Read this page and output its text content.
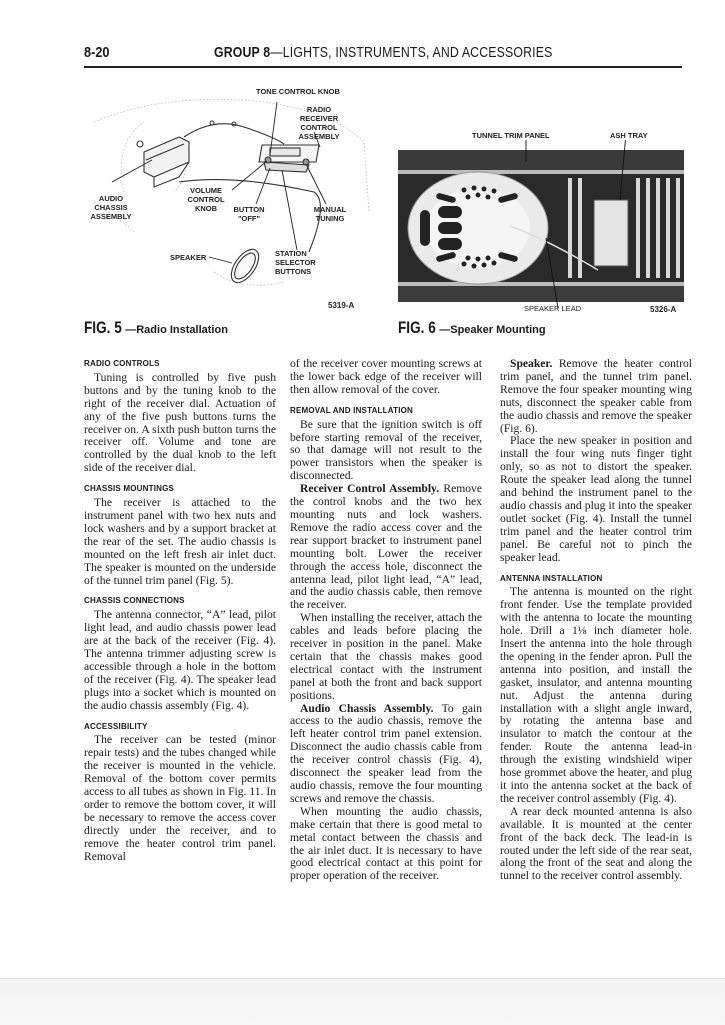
8-20	GROUP 8—LIGHTS, INSTRUMENTS, AND ACCESSORIES
TONE CONTROL KNOB
RADIO RECEIVER CONTROL ASSEMBLY
AUDIO CHASSIS ASSEMBLY
VOLUME CONTROL KNOB	BUTTON "OFF"
MANUAL TUNING
SPEAKER	STATION SELECTOR BUTTONS
5319-A
FIG. 5 —Radio Installation
TUNNEL TRIM PANEL	ASH TRAY
SPEAKER LEAD	5326-A
FIG. 6 —Speaker Mounting
RADIO CONTROLS

Tuning is controlled by five push buttons and by the tuning knob to the right of the receiver dial. Actuation of any of the five push buttons turns the receiver on. A sixth push button turns the receiver off. Volume and tone are controlled by the dual knob to the left side of the receiver dial.

CHASSIS MOUNTINGS

The receiver is attached to the instrument panel with two hex nuts and lock washers and by a support bracket at the rear of the set. The audio chassis is mounted on the left fresh air inlet duct. The speaker is mounted on the underside of the tunnel trim panel (Fig. 5).

CHASSIS CONNECTIONS

The antenna connector, “A” lead, pilot light lead, and audio chassis power lead are at the back of the receiver (Fig. 4). The antenna trimmer adjusting screw is accessible through a hole in the bottom of the receiver (Fig. 4). The speaker lead plugs into a socket which is mounted on the audio chassis assembly (Fig. 4).

ACCESSIBILITY

The receiver can be tested (minor repair tests) and the tubes changed while the receiver is mounted in the vehicle. Removal of the bottom cover permits access to all tubes as shown in Fig. 11. In order to remove the bottom cover, it will be necessary to remove the access cover directly under the receiver, and to remove the heater control trim panel. Removal

of the receiver cover mounting screws at the lower back edge of the receiver will then allow removal of the cover.

REMOVAL AND INSTALLATION

Be sure that the ignition switch is off before starting removal of the receiver, so that damage will not result to the power transistors when the speaker is disconnected.

Receiver Control Assembly. Remove the control knobs and the two hex mounting nuts and lock washers. Remove the radio access cover and the rear support bracket to instrument panel mounting bolt. Lower the receiver through the access hole, disconnect the antenna lead, pilot light lead, “A” lead, and the audio chassis cable, then remove the receiver.

When installing the receiver, attach the cables and leads before placing the receiver in position in the panel. Make certain that the chassis makes good electrical contact with the instrument panel at both the front and back support positions.

Audio Chassis Assembly. To gain access to the audio chassis, remove the left heater control trim panel extension. Disconnect the audio chassis cable from the receiver control chassis (Fig. 4), disconnect the speaker lead from the audio chassis, remove the four mounting screws and remove the chassis.

When mounting the audio chassis, make certain that there is good metal to metal contact between the chassis and the air inlet duct. It is necessary to have good electrical contact at this point for proper operation of the receiver.

Speaker. Remove the heater control trim panel, and the tunnel trim panel. Remove the four speaker mounting wing nuts, disconnect the speaker cable from the audio chassis and remove the speaker (Fig. 6).

Place the new speaker in position and install the four wing nuts finger tight only, so as not to distort the speaker. Route the speaker lead along the tunnel and behind the instrument panel to the audio chassis and plug it into the speaker outlet socket (Fig. 4). Install the tunnel trim panel and the heater control trim panel. Be careful not to pinch the speaker lead.

ANTENNA INSTALLATION

The antenna is mounted on the right front fender. Use the template provided with the antenna to locate the mounting hole. Drill a 1⅛ inch diameter hole. Insert the antenna into the hole through the opening in the fender apron. Pull the antenna into position, and install the gasket, insulator, and antenna mounting nut. Adjust the antenna during installation with a slight angle inward, by rotating the antenna base and insulator to match the contour at the fender. Route the antenna lead-in through the existing windshield wiper hose grommet above the heater, and plug it into the antenna socket at the back of the receiver control assembly (Fig. 4).

A rear deck mounted antenna is also available. It is mounted at the center front of the back deck. The lead-in is routed under the left side of the rear seat, along the front of the seat and along the tunnel to the receiver control assembly.
